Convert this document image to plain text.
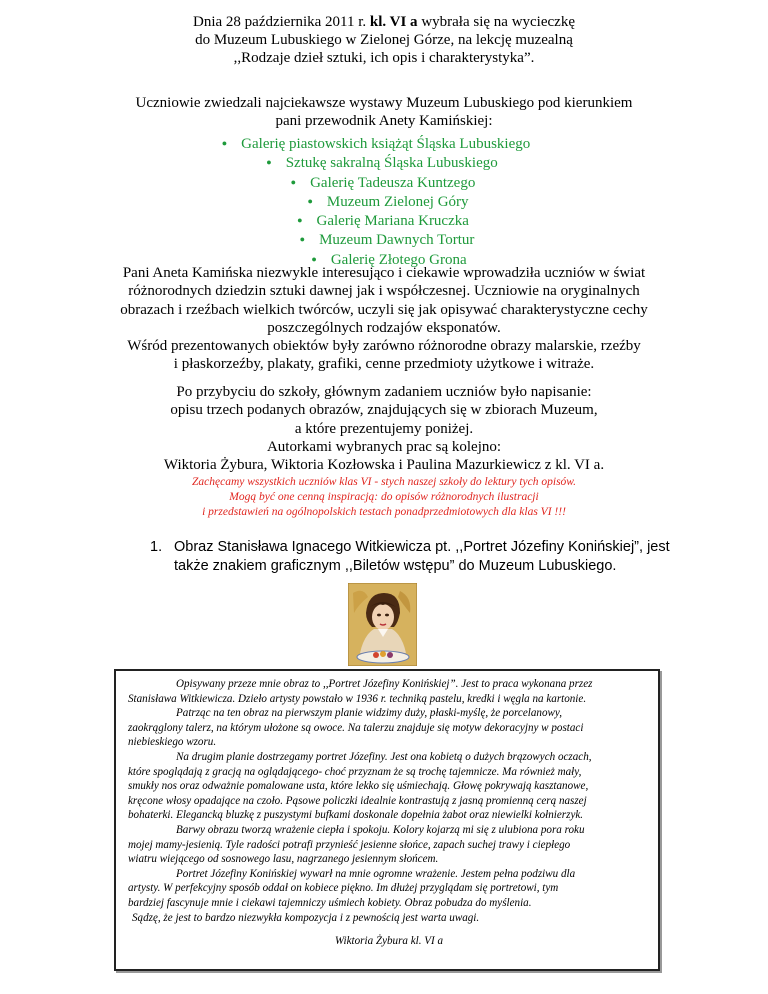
Dnia 28 października 2011 r. kl. VI a wybrała się na wycieczkę

do Muzeum Lubuskiego w Zielonej Górze, na lekcję muzealną

,,Rodzaje dzieł sztuki, ich opis i charakterystyka”.

Uczniowie zwiedzali najciekawsze wystawy Muzeum Lubuskiego pod kierunkiem

pani przewodnik Anety Kamińskiej:

● Galerię piastowskich książąt Śląska Lubuskiego
● Sztukę sakralną Śląska Lubuskiego
● Galerię Tadeusza Kuntzego
● Muzeum Zielonej Góry
● Galerię Mariana Kruczka
● Muzeum Dawnych Tortur
● Galerię Złotego Grona

Pani Aneta Kamińska niezwykle interesująco i ciekawie wprowadziła uczniów w świat

różnorodnych dziedzin sztuki dawnej jak i współczesnej. Uczniowie na oryginalnych

obrazach i rzeźbach wielkich twórców, uczyli się jak opisywać charakterystyczne cechy

poszczególnych rodzajów eksponatów.

Wśród prezentowanych obiektów były zarówno różnorodne obrazy malarskie, rzeźby

i płaskorzeźby, plakaty, grafiki, cenne przedmioty użytkowe i witraże.

Po przybyciu do szkoły, głównym zadaniem uczniów było napisanie:

opisu trzech podanych obrazów, znajdujących się w zbiorach Muzeum,

a które prezentujemy poniżej.

Autorkami wybranych prac są kolejno:

Wiktoria Żybura, Wiktoria Kozłowska i Paulina Mazurkiewicz z kl. VI a.

Zachęcamy wszystkich uczniów klas VI - stych naszej szkoły do lektury tych opisów.

Mogą być one cenną inspiracją: do opisów różnorodnych ilustracji

i przedstawień na ogólnopolskich testach ponadprzedmiotowych dla klas VI !!!

1. Obraz Stanisława Ignacego Witkiewicza pt. ,,Portret Józefiny Konińskiej”, jest

także znakiem graficznym ,,Biletów wstępu” do Muzeum Lubuskiego.

Opisywany przeze mnie obraz to ,,Portret Józefiny Konińskiej”. Jest to praca wykonana przez

Stanisława Witkiewicza. Dzieło artysty powstało w 1936 r. techniką pastelu, kredki i węgla na kartonie.

Patrząc na ten obraz na pierwszym planie widzimy duży, płaski-myślę, że porcelanowy,

zaokrąglony talerz, na którym ułożone są owoce. Na talerzu znajduje się motyw dekoracyjny w postaci

niebieskiego wzoru.

Na drugim planie dostrzegamy portret Józefiny. Jest ona kobietą o dużych brązowych oczach,

które spoglądają z gracją na oglądającego- choć przyznam że są trochę tajemnicze. Ma również mały,

smukły nos oraz odważnie pomalowane usta, które lekko się uśmiechają. Głowę pokrywają kasztanowe,

kręcone włosy opadające na czoło. Pąsowe policzki idealnie kontrastują z jasną promienną cerą naszej

bohaterki. Elegancką bluzkę z puszystymi bufkami doskonale dopełnia żabot oraz niewielki kołnierzyk.

Barwy obrazu tworzą wrażenie ciepła i spokoju. Kolory kojarzą mi się z ulubiona pora roku

mojej mamy-jesienią. Tyle radości potrafi przynieść jesienne słońce, zapach suchej trawy i ciepłego

wiatru wiejącego od sosnowego lasu, nagrzanego jesiennym słońcem.

Portret Józefiny Konińskiej wywarł na mnie ogromne wrażenie. Jestem pełna podziwu dla

artysty. W perfekcyjny sposób oddał on kobiece piękno. Im dłużej przyglądam się portretowi, tym

bardziej fascynuje mnie i ciekawi tajemniczy uśmiech kobiety. Obraz pobudza do myślenia.

Sądzę, że jest to bardzo niezwykła kompozycja i z pewnością jest warta uwagi.

Wiktoria Żybura kl. VI a
